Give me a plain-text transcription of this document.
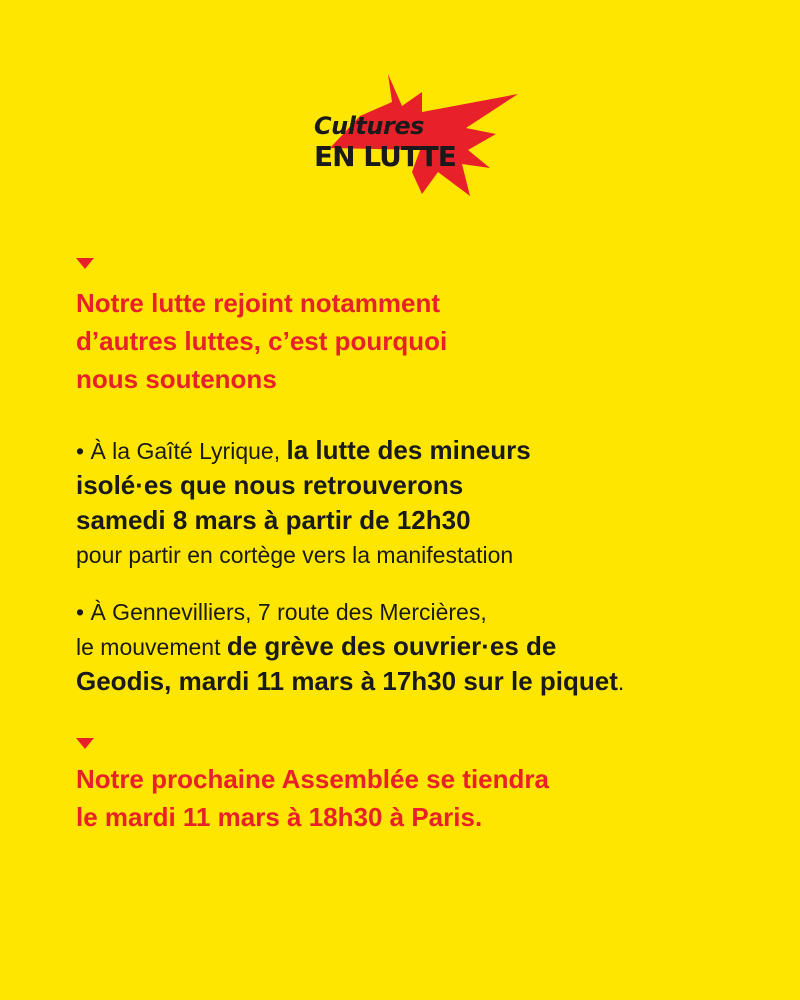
Cultures
EN LUTTE
Notre lutte rejoint notamment
d’autres luttes, c’est pourquoi
nous soutenons

• À la Gaîté Lyrique, la lutte des mineurs
isolé·es que nous retrouverons
samedi 8 mars à partir de 12h30
pour partir en cortège vers la manifestation

• À Gennevilliers, 7 route des Mercières,
le mouvement de grève des ouvrier·es de
Geodis, mardi 11 mars à 17h30 sur le piquet.

Notre prochaine Assemblée se tiendra
le mardi 11 mars à 18h30 à Paris.
